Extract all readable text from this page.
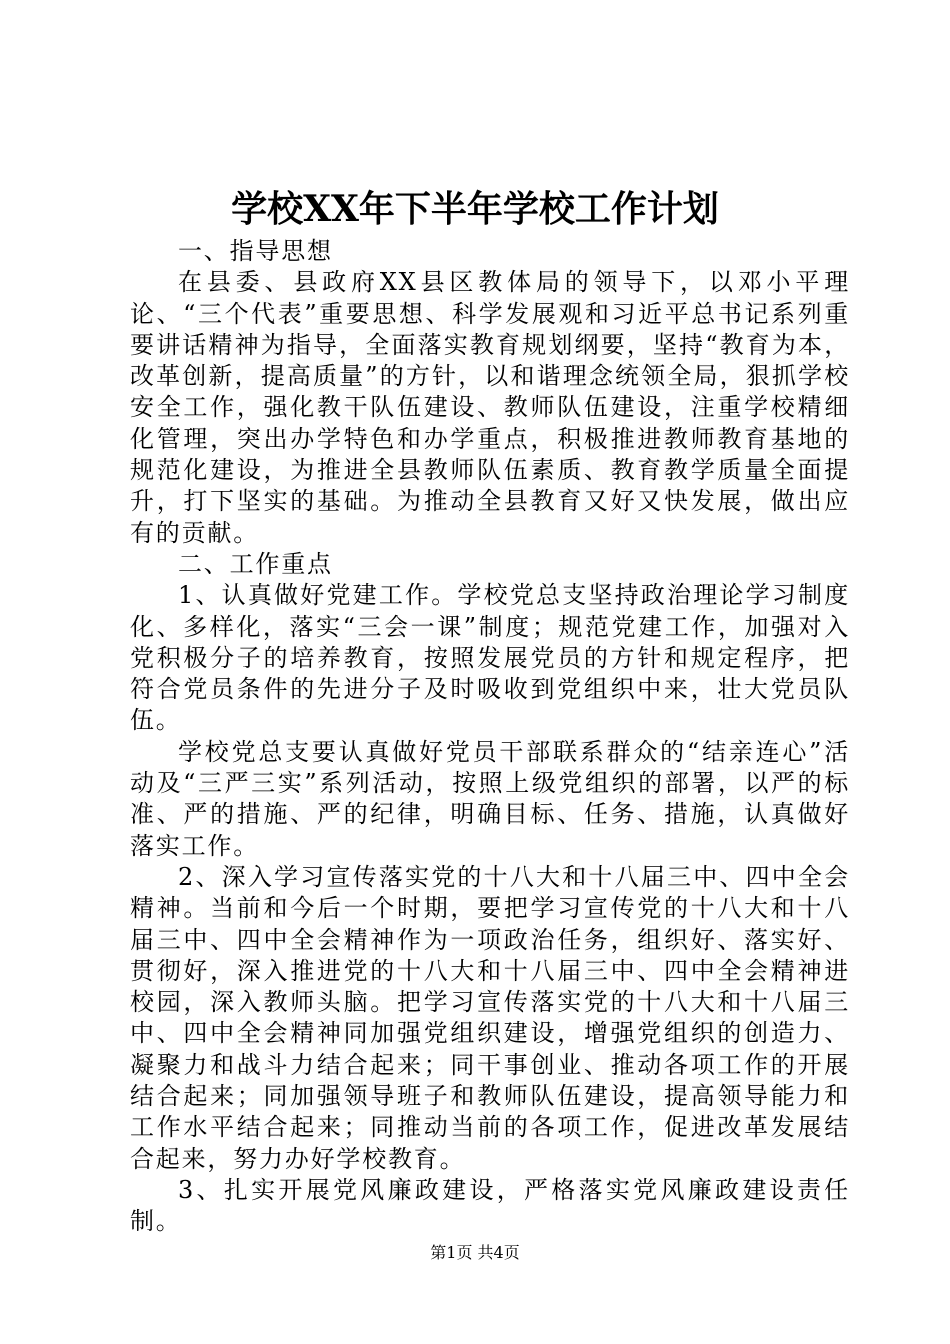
学校XX年下半年学校工作计划

一、指导思想

在县委、县政府XX县区教体局的领导下，以邓小平理论、“三个代表”重要思想、科学发展观和习近平总书记系列重要讲话精神为指导，全面落实教育规划纲要，坚持“教育为本，改革创新，提高质量”的方针，以和谐理念统领全局，狠抓学校安全工作，强化教干队伍建设、教师队伍建设，注重学校精细化管理，突出办学特色和办学重点，积极推进教师教育基地的规范化建设，为推进全县教师队伍素质、教育教学质量全面提升，打下坚实的基础。为推动全县教育又好又快发展，做出应有的贡献。

二、工作重点

1、认真做好党建工作。学校党总支坚持政治理论学习制度化、多样化，落实“三会一课”制度；规范党建工作，加强对入党积极分子的培养教育，按照发展党员的方针和规定程序，把符合党员条件的先进分子及时吸收到党组织中来，壮大党员队伍。

学校党总支要认真做好党员干部联系群众的“结亲连心”活动及“三严三实”系列活动，按照上级党组织的部署，以严的标准、严的措施、严的纪律，明确目标、任务、措施，认真做好落实工作。

2、深入学习宣传落实党的十八大和十八届三中、四中全会精神。当前和今后一个时期，要把学习宣传党的十八大和十八届三中、四中全会精神作为一项政治任务，组织好、落实好、贯彻好，深入推进党的十八大和十八届三中、四中全会精神进校园，深入教师头脑。把学习宣传落实党的十八大和十八届三中、四中全会精神同加强党组织建设，增强党组织的创造力、凝聚力和战斗力结合起来；同干事创业、推动各项工作的开展结合起来；同加强领导班子和教师队伍建设，提高领导能力和工作水平结合起来；同推动当前的各项工作，促进改革发展结合起来，努力办好学校教育。

3、扎实开展党风廉政建设，严格落实党风廉政建设责任制。

第1页 共4页
